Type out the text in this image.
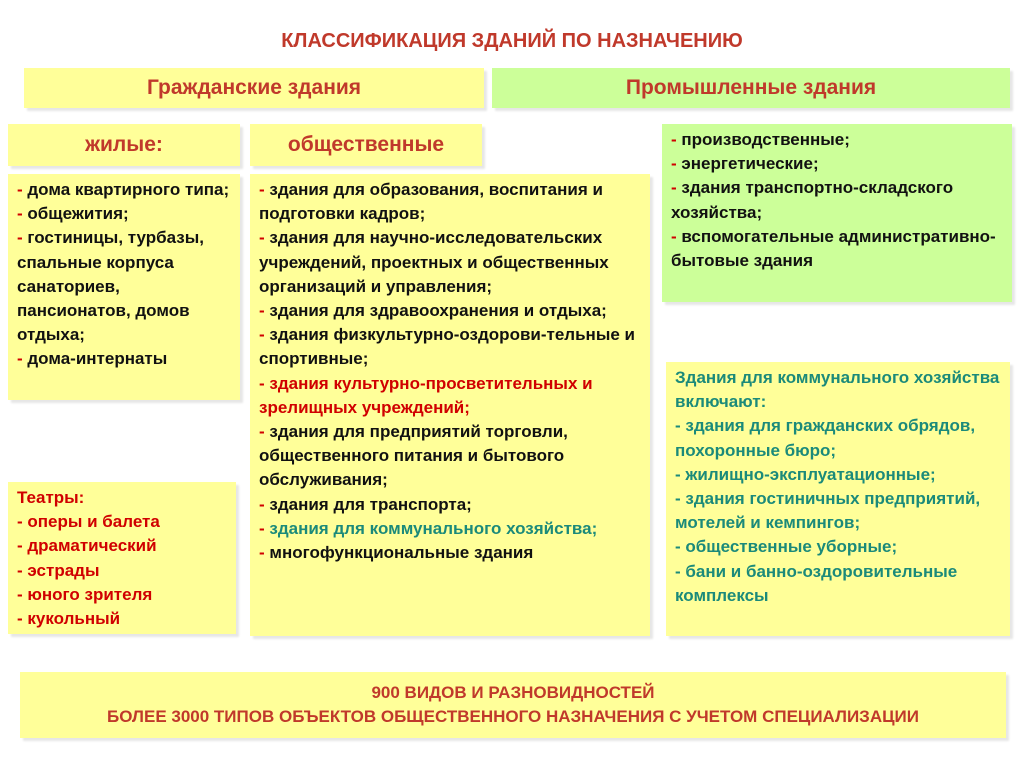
КЛАССИФИКАЦИЯ ЗДАНИЙ ПО НАЗНАЧЕНИЮ
Гражданские здания	Промышленные здания
жилые:	общественные

- дома квартирного типа;

- общежития;

- гостиницы, турбазы, спальные корпуса санаториев, пансионатов, домов отдыха;

- дома-интернаты

Театры:

- оперы и балета

- драматический

- эстрады

- юного зрителя

- кукольный

- здания для образования, воспитания и подготовки кадров;

- здания для научно-исследовательских учреждений, проектных и общественных организаций и управления;

- здания для здравоохранения и отдыха;

- здания физкультурно-оздорови-тельные и спортивные;

- здания культурно-просветительных и зрелищных учреждений;

- здания для предприятий торговли, общественного питания и бытового обслуживания;

- здания для транспорта;

- здания для коммунального хозяйства;

- многофункциональные здания

- производственные;

- энергетические;

- здания транспортно-складского хозяйства;

- вспомогательные административно-бытовые здания

Здания для коммунального хозяйства включают:

- здания для гражданских обрядов, похоронные бюро;

- жилищно-эксплуатационные;

- здания гостиничных предприятий, мотелей и кемпингов;

- общественные уборные;

- бани и банно-оздоровительные комплексы

900 ВИДОВ И РАЗНОВИДНОСТЕЙ
БОЛЕЕ 3000 ТИПОВ ОБЪЕКТОВ ОБЩЕСТВЕННОГО НАЗНАЧЕНИЯ С УЧЕТОМ СПЕЦИАЛИЗАЦИИ
